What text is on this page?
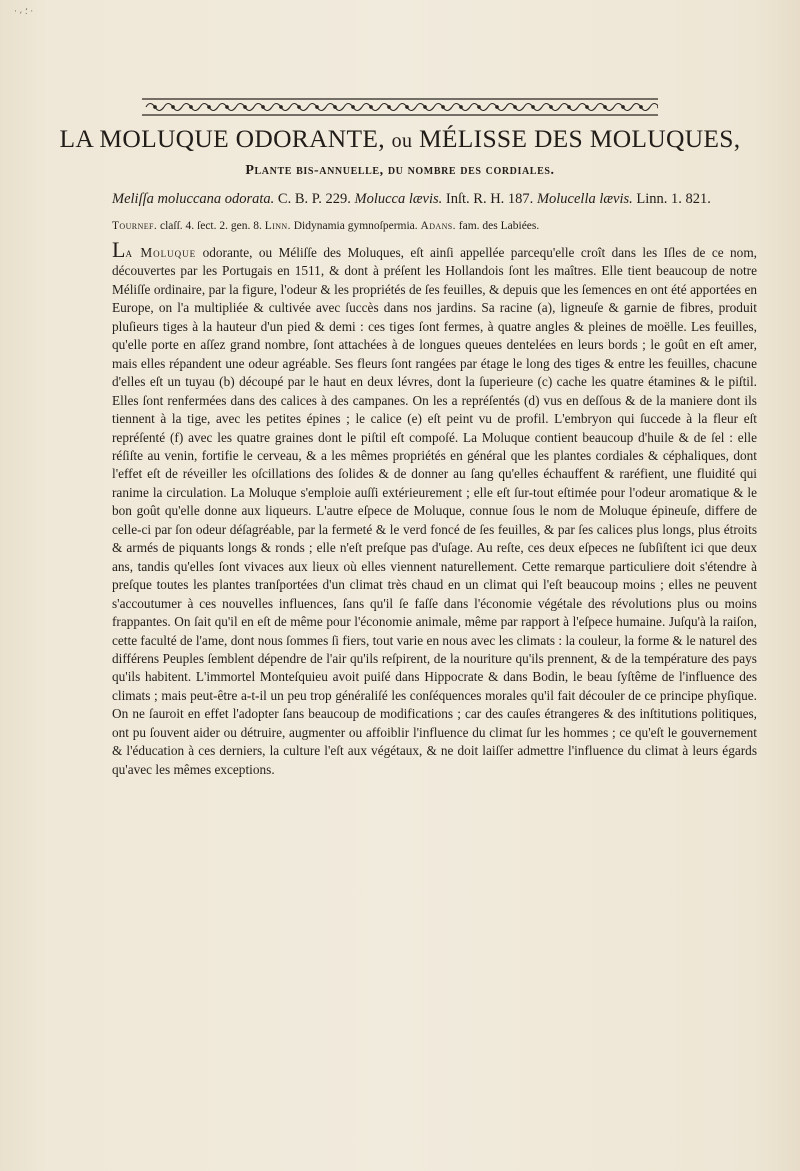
· ⸴ ⸵ ·
LA MOLUQUE ODORANTE, ou MÉLISSE DES MOLUQUES,
Plante bis-annuelle, du nombre des cordiales.
Meliſſa moluccana odorata. C. B. P. 229. Molucca lævis. Inſt. R. H. 187. Molucella lævis. Linn. 1. 821.
Tournef. claſſ. 4. ſect. 2. gen. 8. Linn. Didynamia gymnoſpermia. Adans. fam. des Labiées.

La Moluque odorante, ou Méliſſe des Moluques, eſt ainſi appellée parcequ'elle croît dans les Iſles de ce nom, découvertes par les Portugais en 1511, & dont à préſent les Hollandois ſont les maîtres. Elle tient beaucoup de notre Méliſſe ordinaire, par la figure, l'odeur & les propriétés de ſes feuilles, & depuis que les ſemences en ont été apportées en Europe, on l'a multipliée & cultivée avec ſuccès dans nos jardins. Sa racine (a), ligneuſe & garnie de fibres, produit pluſieurs tiges à la hauteur d'un pied & demi : ces tiges ſont fermes, à quatre angles & pleines de moëlle. Les feuilles, qu'elle porte en aſſez grand nombre, ſont attachées à de longues queues dentelées en leurs bords ; le goût en eſt amer, mais elles répandent une odeur agréable. Ses fleurs ſont rangées par étage le long des tiges & entre les feuilles, chacune d'elles eſt un tuyau (b) découpé par le haut en deux lévres, dont la ſuperieure (c) cache les quatre étamines & le piſtil. Elles ſont renfermées dans des calices à des campanes. On les a repréſentés (d) vus en deſſous & de la maniere dont ils tiennent à la tige, avec les petites épines ; le calice (e) eſt peint vu de profil. L'embryon qui ſuccede à la fleur eſt repréſenté (f) avec les quatre graines dont le piſtil eſt compoſé. La Moluque contient beaucoup d'huile & de ſel : elle réſiſte au venin, fortifie le cerveau, & a les mêmes propriétés en général que les plantes cordiales & céphaliques, dont l'effet eſt de réveiller les oſcillations des ſolides & de donner au ſang qu'elles échauffent & raréfient, une fluidité qui ranime la circulation. La Moluque s'emploie auſſi extérieurement ; elle eſt ſur-tout eſtimée pour l'odeur aromatique & le bon goût qu'elle donne aux liqueurs. L'autre eſpece de Moluque, connue ſous le nom de Moluque épineuſe, differe de celle-ci par ſon odeur déſagréable, par la fermeté & le verd foncé de ſes feuilles, & par ſes calices plus longs, plus étroits & armés de piquants longs & ronds ; elle n'eſt preſque pas d'uſage. Au reſte, ces deux eſpeces ne ſubſiſtent ici que deux ans, tandis qu'elles ſont vivaces aux lieux où elles viennent naturellement. Cette remarque particuliere doit s'étendre à preſque toutes les plantes tranſportées d'un climat très chaud en un climat qui l'eſt beaucoup moins ; elles ne peuvent s'accoutumer à ces nouvelles influences, ſans qu'il ſe faſſe dans l'économie végétale des révolutions plus ou moins frappantes. On ſait qu'il en eſt de même pour l'économie animale, même par rapport à l'eſpece humaine. Juſqu'à la raiſon, cette faculté de l'ame, dont nous ſommes ſi fiers, tout varie en nous avec les climats : la couleur, la forme & le naturel des différens Peuples ſemblent dépendre de l'air qu'ils reſpirent, de la nouriture qu'ils prennent, & de la température des pays qu'ils habitent. L'immortel Monteſquieu avoit puiſé dans Hippocrate & dans Bodin, le beau ſyſtême de l'influence des climats ; mais peut-être a-t-il un peu trop généraliſé les conſéquences morales qu'il fait découler de ce principe phyſique. On ne ſauroit en effet l'adopter ſans beaucoup de modifications ; car des cauſes étrangeres & des inſtitutions politiques, ont pu ſouvent aider ou détruire, augmenter ou affoiblir l'influence du climat ſur les hommes ; ce qu'eſt le gouvernement & l'éducation à ces derniers, la culture l'eſt aux végétaux, & ne doit laiſſer admettre l'influence du climat à leurs égards qu'avec les mêmes exceptions.
